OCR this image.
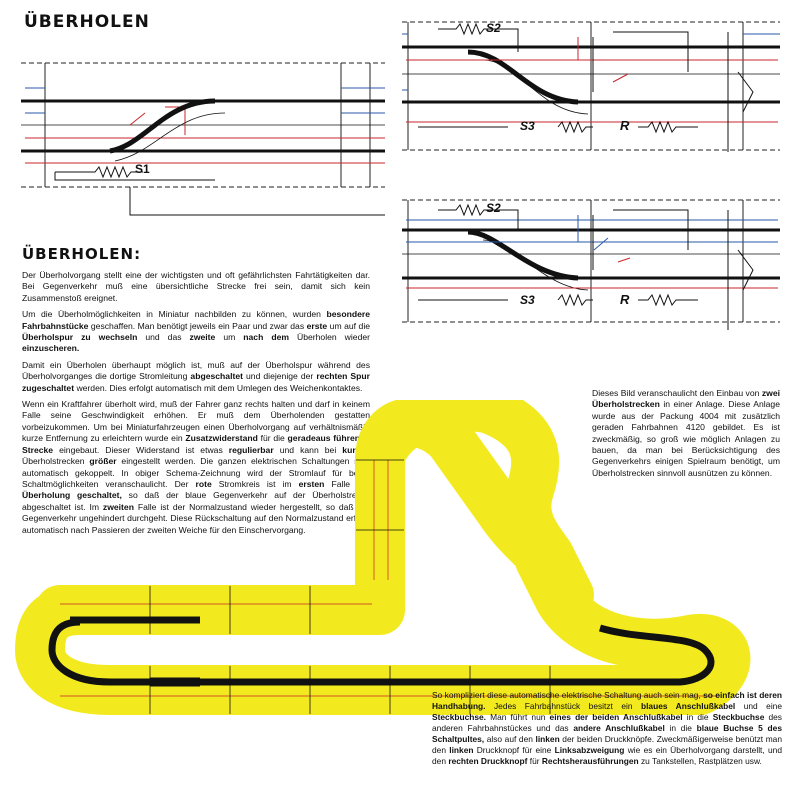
ÜBERHOLEN
ÜBERHOLEN:
S1
S2
S3	R
S2
S3	R

Der Überholvorgang stellt eine der wichtigsten und oft gefährlichsten Fahrtätigkeiten dar. Bei Gegenverkehr muß eine übersichtliche Strecke frei sein, damit sich kein Zusammenstoß ereignet.

Um die Überholmöglichkeiten in Miniatur nachbilden zu können, wurden besondere Fahrbahnstücke geschaffen. Man benötigt jeweils ein Paar und zwar das erste um auf die Überholspur zu wechseln und das zweite um nach dem Überholen wieder einzuscheren.

Damit ein Überholen überhaupt möglich ist, muß auf der Überholspur während des Überholvorganges die dortige Stromleitung abgeschaltet und diejenige der rechten Spur zugeschaltet werden. Dies erfolgt automatisch mit dem Umlegen des Weichenkontaktes.

Wenn ein Kraftfahrer überholt wird, muß der Fahrer ganz rechts halten und darf in keinem Falle seine Geschwindigkeit erhöhen. Er muß dem Überholenden gestatten vorbeizukommen. Um bei Miniaturfahrzeugen einen Überholvorgang auf verhältnismäßig kurze Entfernung zu erleichtern wurde ein Zusatzwiderstand für die geradeaus führende Strecke eingebaut. Dieser Widerstand ist etwas regulierbar und kann bei kurzen Überholstrecken größer eingestellt werden. Die ganzen elektrischen Schaltungen sind automatisch gekoppelt. In obiger Schema-Zeichnung wird der Stromlauf für beide Schaltmöglichkeiten veranschaulicht. Der rote Stromkreis ist im ersten Falle auf Überholung geschaltet, so daß der blaue Gegenverkehr auf der Überholstrecke abgeschaltet ist. Im zweiten Falle ist der Normalzustand wieder hergestellt, so daß der Gegenverkehr ungehindert durchgeht. Diese Rückschaltung auf den Normalzustand erfolgt automatisch nach Passieren der zweiten Weiche für den Einschervorgang.

Dieses Bild veranschaulicht den Einbau von zwei Überholstrecken in einer Anlage. Diese Anlage wurde aus der Packung 4004 mit zusätzlich geraden Fahrbahnen 4120 gebildet. Es ist zweckmäßig, so groß wie möglich Anlagen zu bauen, da man bei Berücksichtigung des Gegenverkehrs einigen Spielraum benötigt, um Überholstrecken sinnvoll ausnützen zu können.

So kompliziert diese automatische elektrische Schaltung auch sein mag, so einfach ist deren Handhabung. Jedes Fahrbahnstück besitzt ein blaues Anschlußkabel und eine Steckbuchse. Man führt nun eines der beiden Anschlußkabel in die Steckbuchse des anderen Fahrbahnstückes und das andere Anschlußkabel in die blaue Buchse 5 des Schaltpultes, also auf den linken der beiden Druckknöpfe. Zweckmäßigerweise benützt man den linken Druckknopf für eine Linksabzweigung wie es ein Überholvorgang darstellt, und den rechten Druckknopf für Rechtsherausführungen zu Tankstellen, Rastplätzen usw.
